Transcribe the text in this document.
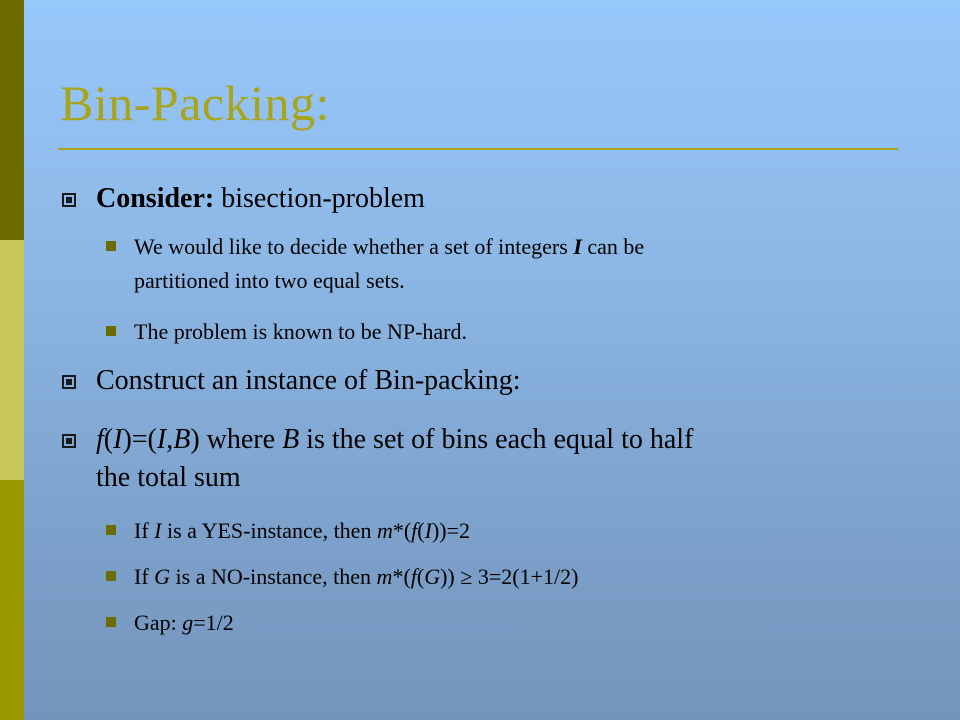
Bin-Packing:
Consider: bisection-problem
We would like to decide whether a set of integers I can be
partitioned into two equal sets.
The problem is known to be NP-hard.
Construct an instance of Bin-packing:
f(I)=(I,B) where B is the set of bins each equal to half
the total sum
If I is a YES-instance, then m*(f(I))=2
If G is a NO-instance, then m*(f(G)) ≥ 3=2(1+1/2)
Gap: g=1/2
